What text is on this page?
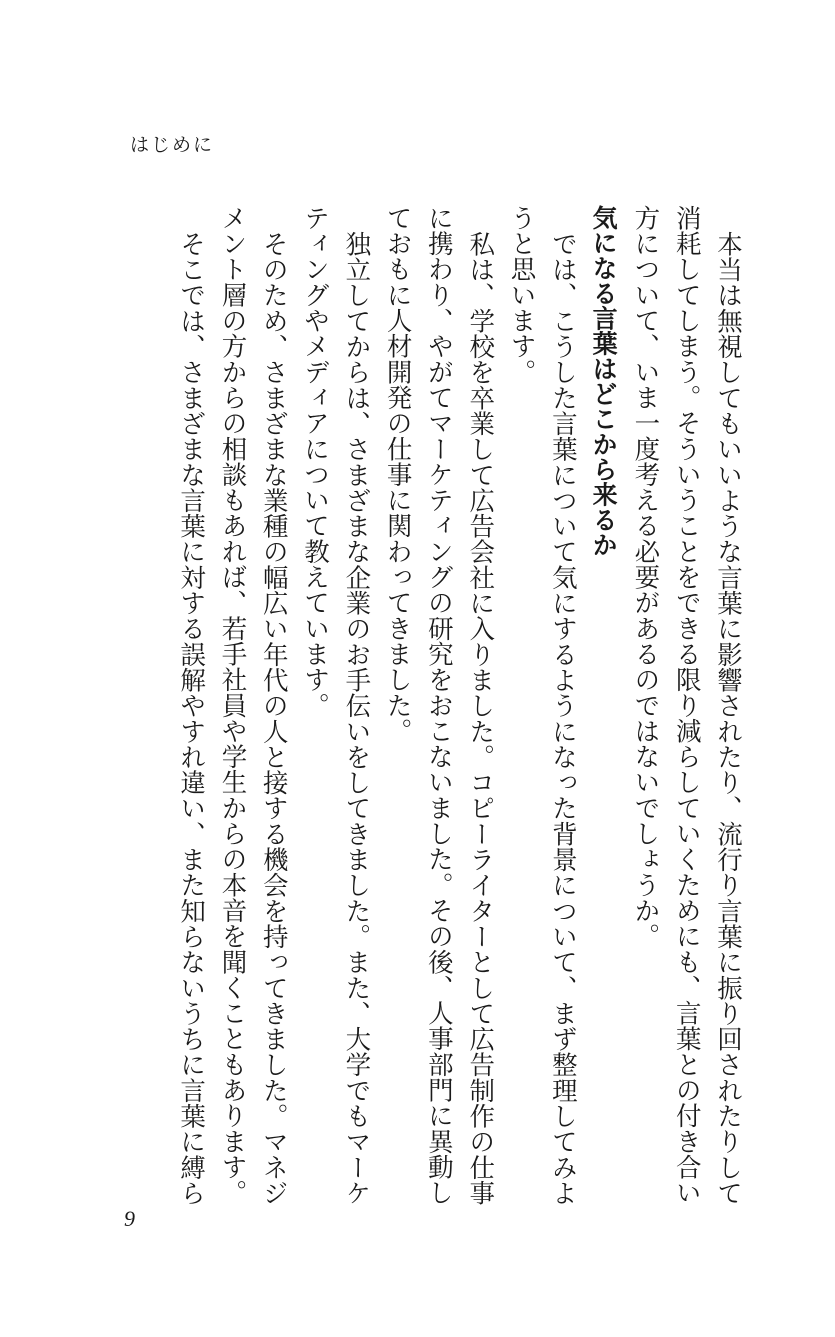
はじめに

本当は無視してもいいような言葉に影響されたり、流行り言葉に振り回されたりして

消耗してしまう。そういうことをできる限り減らしていくためにも、言葉との付き合い方について、いま一度考える必要があるのではないでしょうか。

気になる言葉はどこから来るか

では、こうした言葉について気にするようになった背景について、まず整理してみようと思います。

私は、学校を卒業して広告会社に入りました。コピーライターとして広告制作の仕事に携わり、やがてマーケティングの研究をおこないました。その後、人事部門に異動しておもに人材開発の仕事に関わってきました。

独立してからは、さまざまな企業のお手伝いをしてきました。また、大学でもマーケティングやメディアについて教えています。

そのため、さまざまな業種の幅広い年代の人と接する機会を持ってきました。マネジメント層の方からの相談もあれば、若手社員や学生からの本音を聞くこともあります。

そこでは、さまざまな言葉に対する誤解やすれ違い、また知らないうちに言葉に縛ら

9
